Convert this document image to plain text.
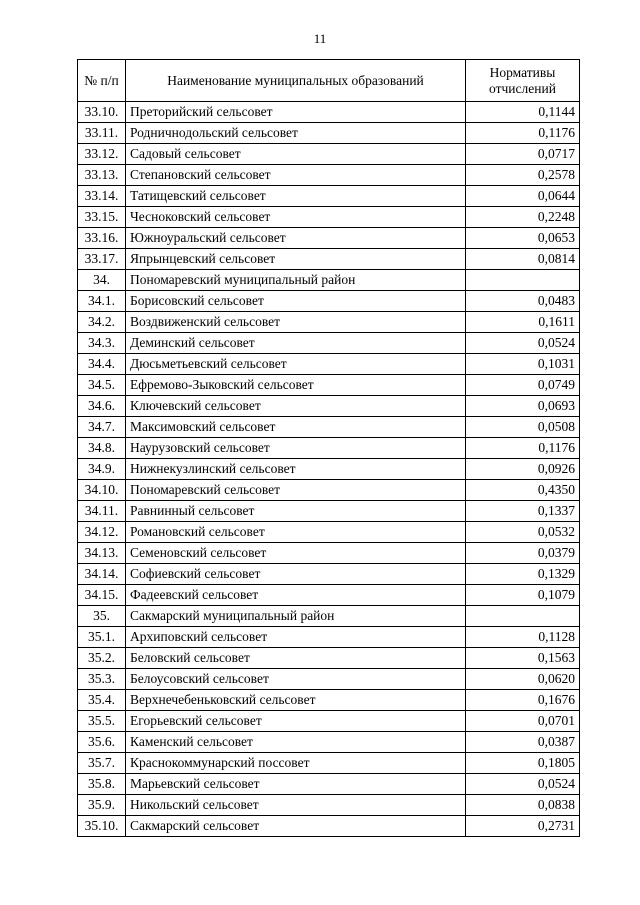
11
№ п/п	Наименование муниципальных образований	Нормативы отчислений
33.10.	Преторийский сельсовет	0,1144
33.11.	Родничнодольский сельсовет	0,1176
33.12.	Садовый сельсовет	0,0717
33.13.	Степановский сельсовет	0,2578
33.14.	Татищевский сельсовет	0,0644
33.15.	Чесноковский сельсовет	0,2248
33.16.	Южноуральский сельсовет	0,0653
33.17.	Япрынцевский сельсовет	0,0814
34.	Пономаревский муниципальный район	
34.1.	Борисовский сельсовет	0,0483
34.2.	Воздвиженский сельсовет	0,1611
34.3.	Деминский сельсовет	0,0524
34.4.	Дюсьметьевский сельсовет	0,1031
34.5.	Ефремово-Зыковский сельсовет	0,0749
34.6.	Ключевский сельсовет	0,0693
34.7.	Максимовский сельсовет	0,0508
34.8.	Наурузовский сельсовет	0,1176
34.9.	Нижнекузлинский сельсовет	0,0926
34.10.	Пономаревский сельсовет	0,4350
34.11.	Равнинный сельсовет	0,1337
34.12.	Романовский сельсовет	0,0532
34.13.	Семеновский сельсовет	0,0379
34.14.	Софиевский сельсовет	0,1329
34.15.	Фадеевский сельсовет	0,1079
35.	Сакмарский муниципальный район	
35.1.	Архиповский сельсовет	0,1128
35.2.	Беловский сельсовет	0,1563
35.3.	Белоусовский сельсовет	0,0620
35.4.	Верхнечебеньковский сельсовет	0,1676
35.5.	Егорьевский сельсовет	0,0701
35.6.	Каменский сельсовет	0,0387
35.7.	Краснокоммунарский поссовет	0,1805
35.8.	Марьевский сельсовет	0,0524
35.9.	Никольский сельсовет	0,0838
35.10.	Сакмарский сельсовет	0,2731
